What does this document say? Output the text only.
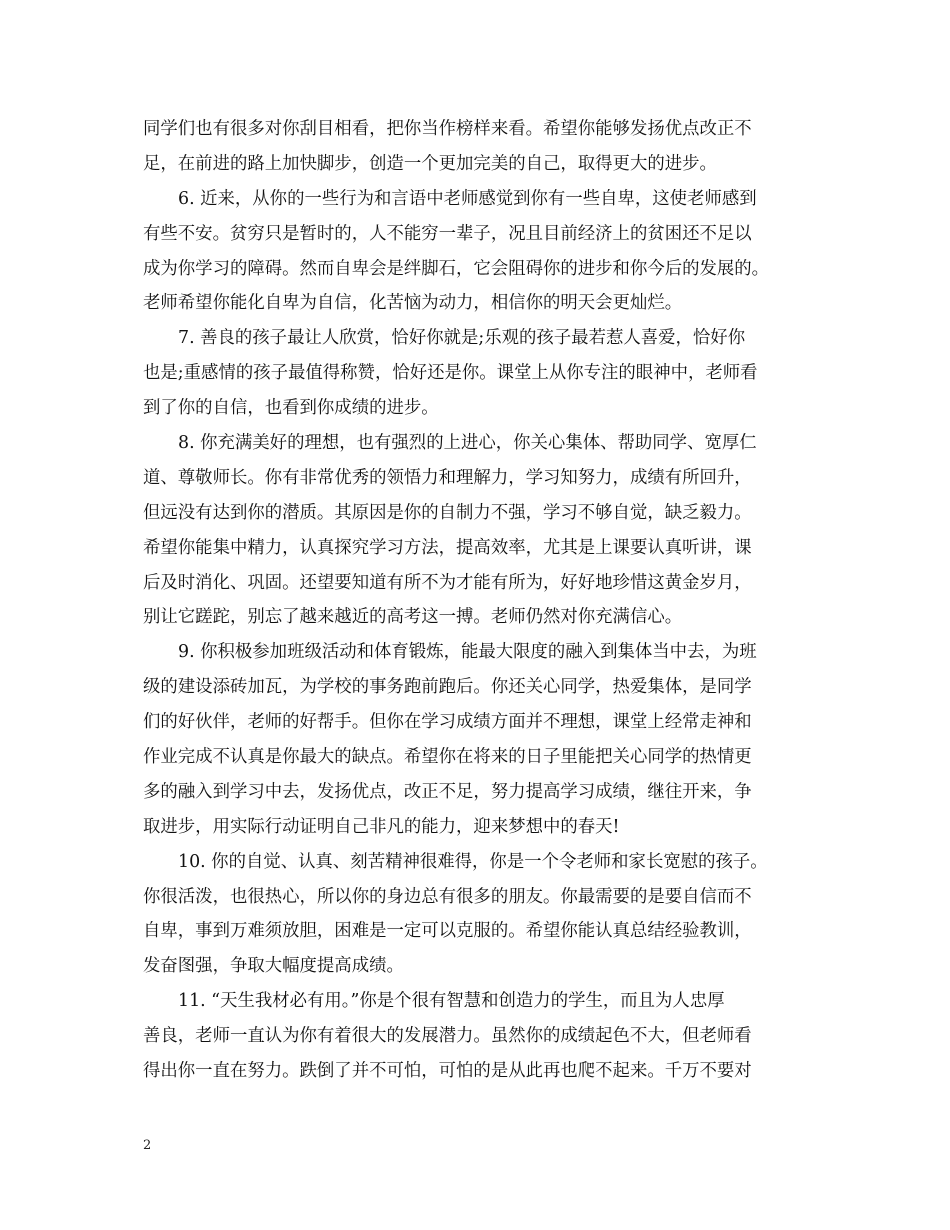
同学们也有很多对你刮目相看，把你当作榜样来看。希望你能够发扬优点改正不
足，在前进的路上加快脚步，创造一个更加完美的自己，取得更大的进步。
6. 近来，从你的一些行为和言语中老师感觉到你有一些自卑，这使老师感到
有些不安。贫穷只是暂时的，人不能穷一辈子，况且目前经济上的贫困还不足以
成为你学习的障碍。然而自卑会是绊脚石，它会阻碍你的进步和你今后的发展的。
老师希望你能化自卑为自信，化苦恼为动力，相信你的明天会更灿烂。
7. 善良的孩子最让人欣赏，恰好你就是;乐观的孩子最若惹人喜爱，恰好你
也是;重感情的孩子最值得称赞，恰好还是你。课堂上从你专注的眼神中，老师看
到了你的自信，也看到你成绩的进步。
8. 你充满美好的理想，也有强烈的上进心，你关心集体、帮助同学、宽厚仁
道、尊敬师长。你有非常优秀的领悟力和理解力，学习知努力，成绩有所回升，
但远没有达到你的潜质。其原因是你的自制力不强，学习不够自觉，缺乏毅力。
希望你能集中精力，认真探究学习方法，提高效率，尤其是上课要认真听讲，课
后及时消化、巩固。还望要知道有所不为才能有所为，好好地珍惜这黄金岁月，
别让它蹉跎，别忘了越来越近的高考这一搏。老师仍然对你充满信心。
9. 你积极参加班级活动和体育锻炼，能最大限度的融入到集体当中去，为班
级的建设添砖加瓦，为学校的事务跑前跑后。你还关心同学，热爱集体，是同学
们的好伙伴，老师的好帮手。但你在学习成绩方面并不理想，课堂上经常走神和
作业完成不认真是你最大的缺点。希望你在将来的日子里能把关心同学的热情更
多的融入到学习中去，发扬优点，改正不足，努力提高学习成绩，继往开来，争
取进步，用实际行动证明自己非凡的能力，迎来梦想中的春天!
10. 你的自觉、认真、刻苦精神很难得，你是一个令老师和家长宽慰的孩子。
你很活泼，也很热心，所以你的身边总有很多的朋友。你最需要的是要自信而不
自卑，事到万难须放胆，困难是一定可以克服的。希望你能认真总结经验教训，
发奋图强，争取大幅度提高成绩。
11. “天生我材必有用。”你是个很有智慧和创造力的学生，而且为人忠厚
善良，老师一直认为你有着很大的发展潜力。虽然你的成绩起色不大，但老师看
得出你一直在努力。跌倒了并不可怕，可怕的是从此再也爬不起来。千万不要对
2
